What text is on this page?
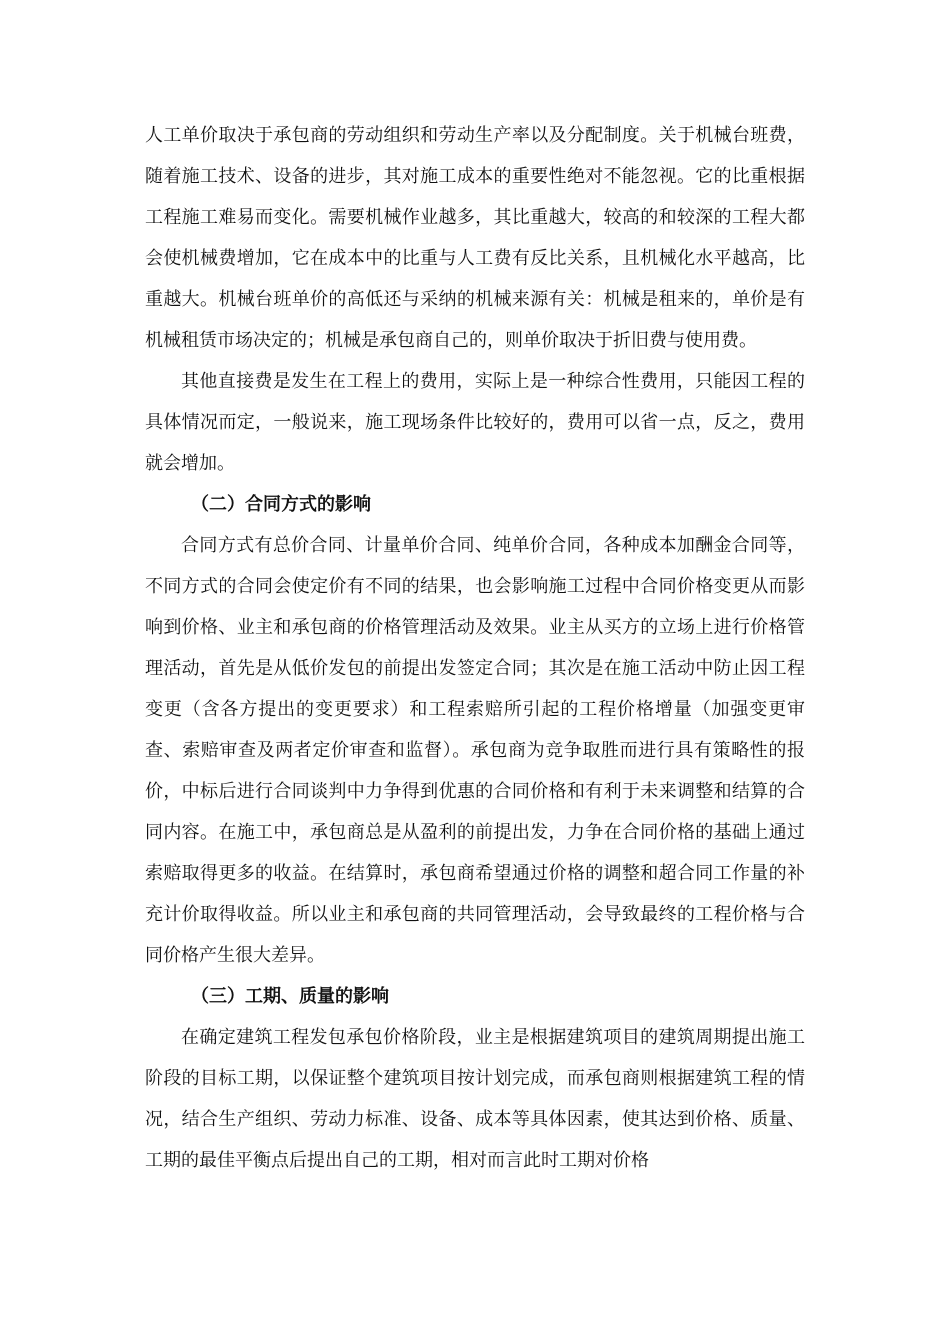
人工单价取决于承包商的劳动组织和劳动生产率以及分配制度。关于机械台班费，随着施工技术、设备的进步，其对施工成本的重要性绝对不能忽视。它的比重根据工程施工难易而变化。需要机械作业越多，其比重越大，较高的和较深的工程大都会使机械费增加，它在成本中的比重与人工费有反比关系，且机械化水平越高，比重越大。机械台班单价的高低还与采纳的机械来源有关：机械是租来的，单价是有机械租赁市场决定的；机械是承包商自己的，则单价取决于折旧费与使用费。

其他直接费是发生在工程上的费用，实际上是一种综合性费用，只能因工程的具体情况而定，一般说来，施工现场条件比较好的，费用可以省一点，反之，费用就会增加。

（二）合同方式的影响

合同方式有总价合同、计量单价合同、纯单价合同，各种成本加酬金合同等，不同方式的合同会使定价有不同的结果，也会影响施工过程中合同价格变更从而影响到价格、业主和承包商的价格管理活动及效果。业主从买方的立场上进行价格管理活动，首先是从低价发包的前提出发签定合同；其次是在施工活动中防止因工程变更（含各方提出的变更要求）和工程索赔所引起的工程价格增量（加强变更审查、索赔审查及两者定价审查和监督）。承包商为竞争取胜而进行具有策略性的报价，中标后进行合同谈判中力争得到优惠的合同价格和有利于未来调整和结算的合同内容。在施工中，承包商总是从盈利的前提出发，力争在合同价格的基础上通过索赔取得更多的收益。在结算时，承包商希望通过价格的调整和超合同工作量的补充计价取得收益。所以业主和承包商的共同管理活动，会导致最终的工程价格与合同价格产生很大差异。

（三）工期、质量的影响

在确定建筑工程发包承包价格阶段，业主是根据建筑项目的建筑周期提出施工阶段的目标工期，以保证整个建筑项目按计划完成，而承包商则根据建筑工程的情况，结合生产组织、劳动力标准、设备、成本等具体因素，使其达到价格、质量、工期的最佳平衡点后提出自己的工期，相对而言此时工期对价格
